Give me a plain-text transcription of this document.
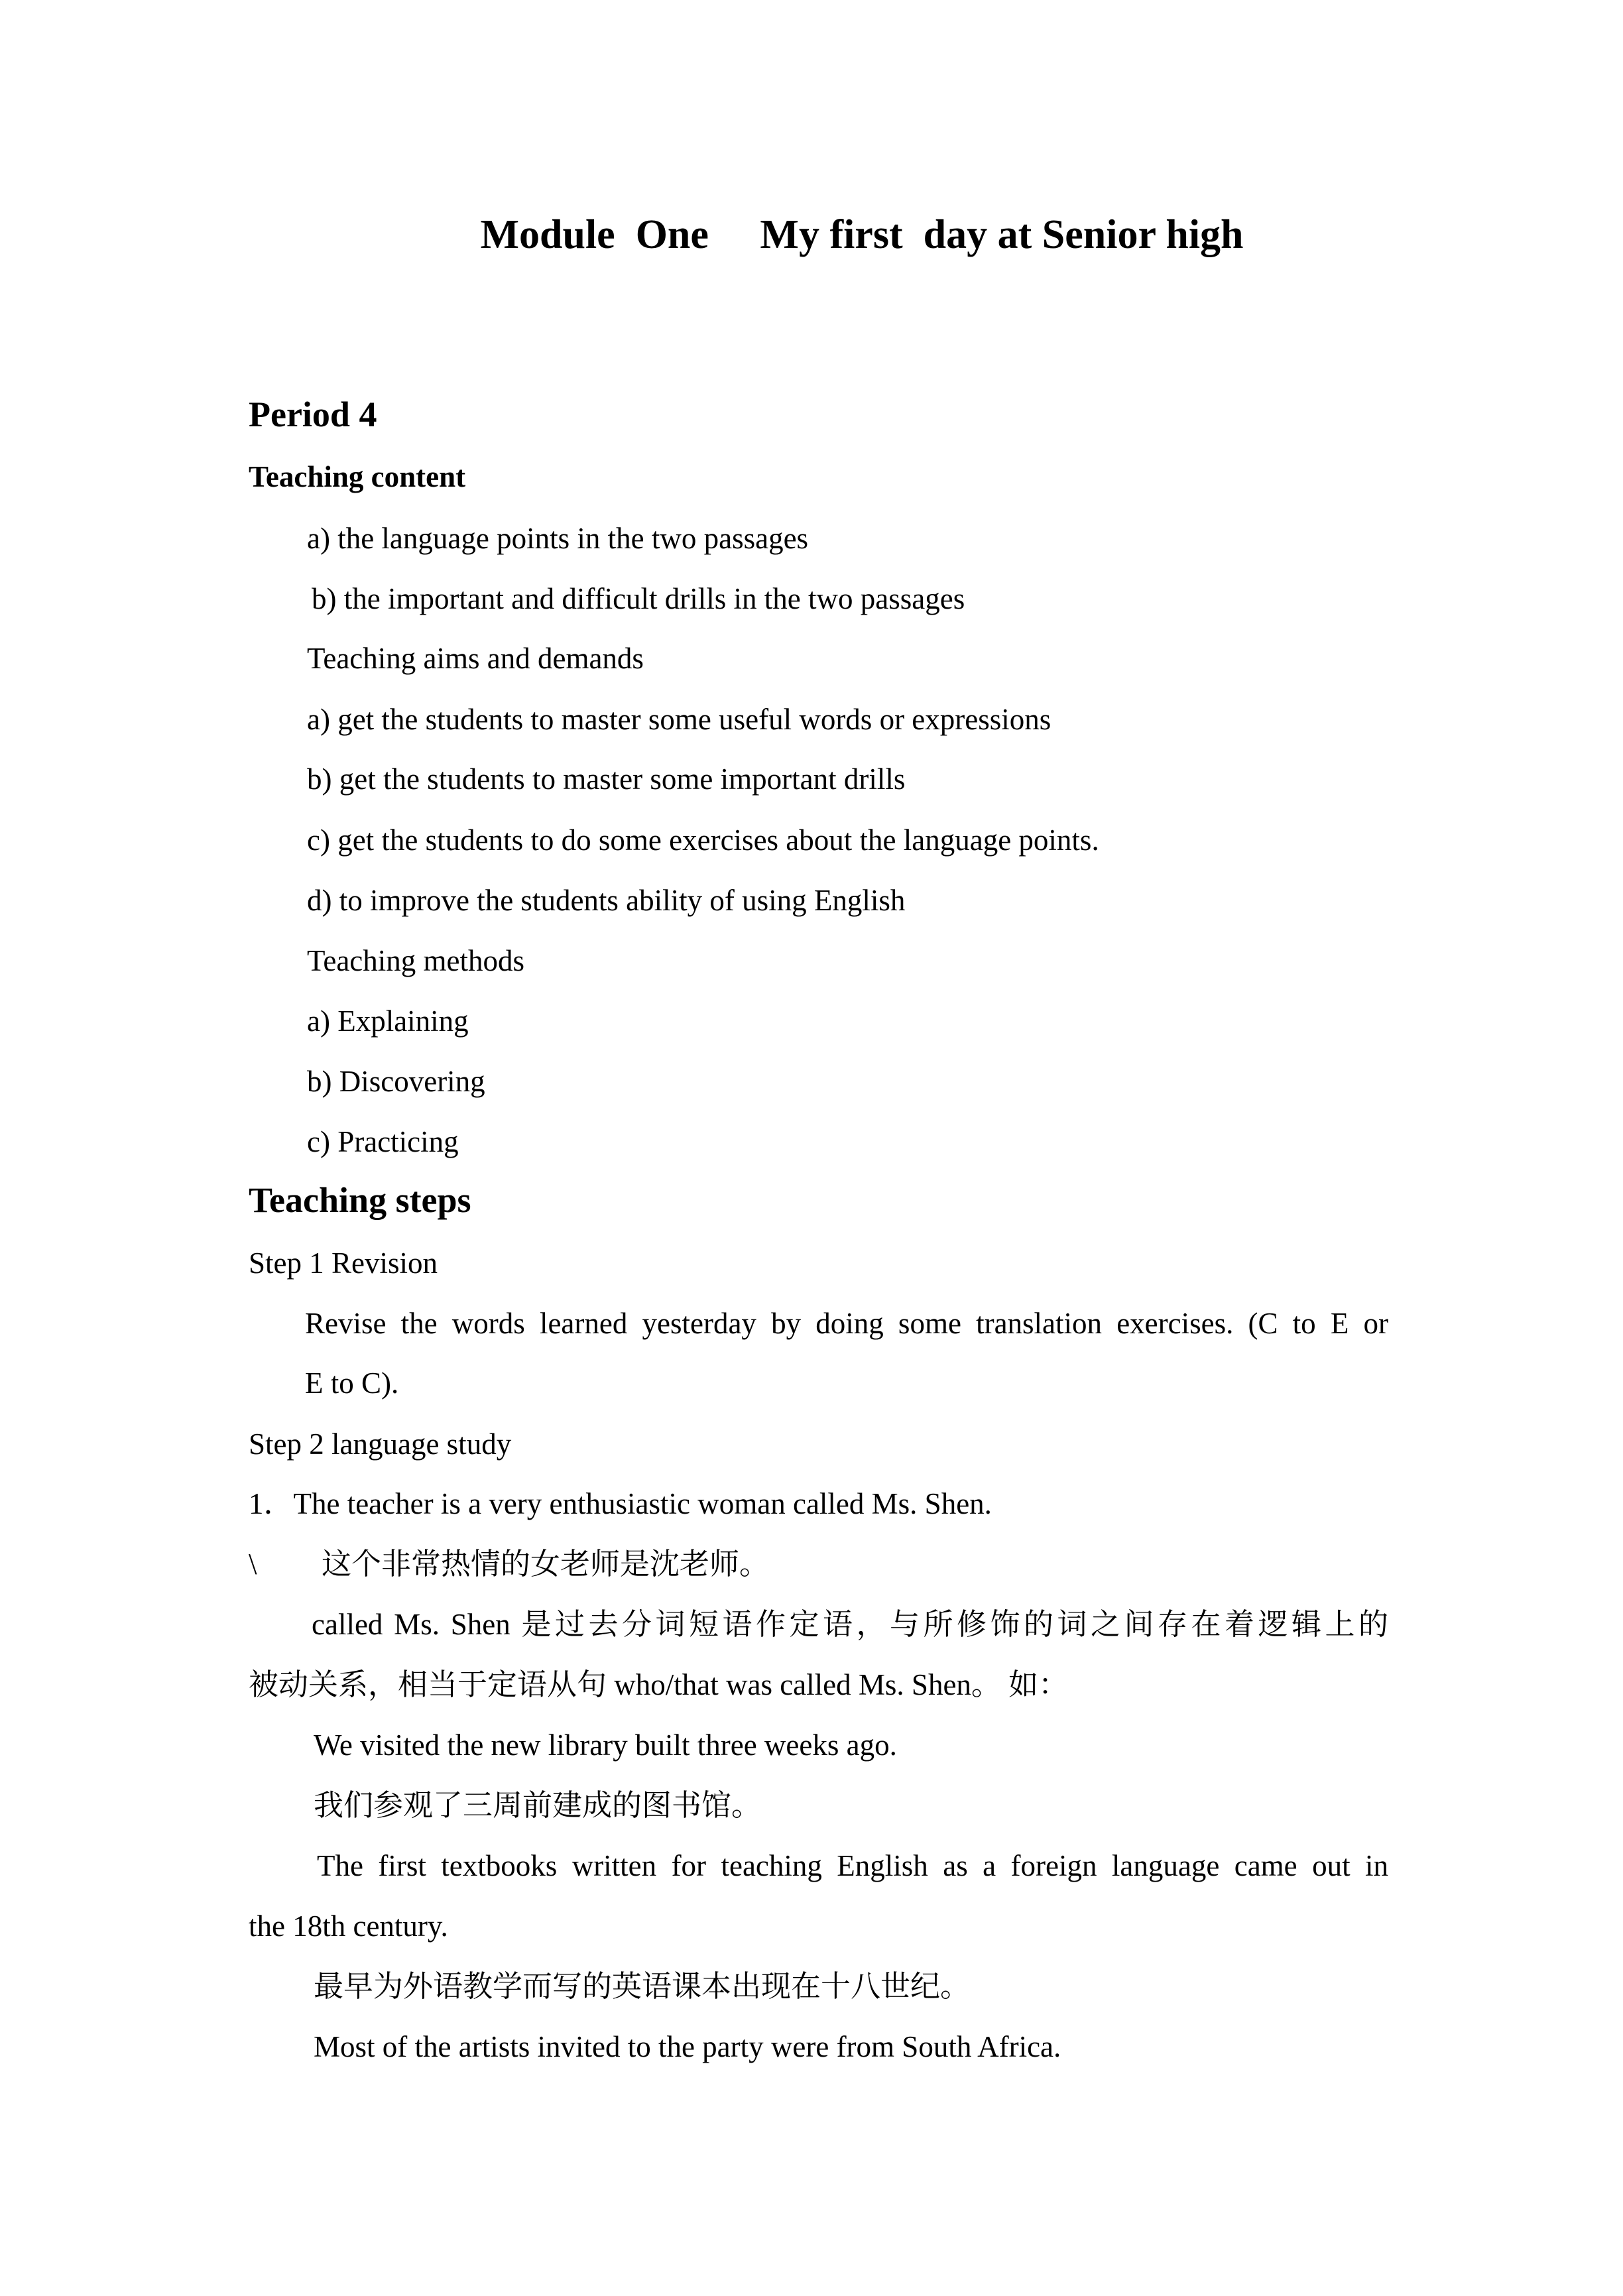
Module  One     My first  day at Senior high
Period 4
Teaching content
a) the language points in the two passages
b) the important and difficult drills in the two passages
Teaching aims and demands
a) get the students to master some useful words or expressions
b) get the students to master some important drills
c) get the students to do some exercises about the language points.
d) to improve the students ability of using English
Teaching methods
a) Explaining
b) Discovering
c) Practicing
Teaching steps
Step 1 Revision
Revise the words learned yesterday by doing some translation exercises. (C to E or
E to C).
Step 2 language study
1．The teacher is a very enthusiastic woman called Ms. Shen.
\ 这个非常热情的女老师是沈老师。
called Ms. Shen 是过去分词短语作定语，与所修饰的词之间存在着逻辑上的
被动关系，相当于定语从句 who/that was called Ms. Shen。 如：
We visited the new library built three weeks ago.
我们参观了三周前建成的图书馆。
The first textbooks written for teaching English as a foreign language came out in
the 18th century.
最早为外语教学而写的英语课本出现在十八世纪。
Most of the artists invited to the party were from South Africa.
